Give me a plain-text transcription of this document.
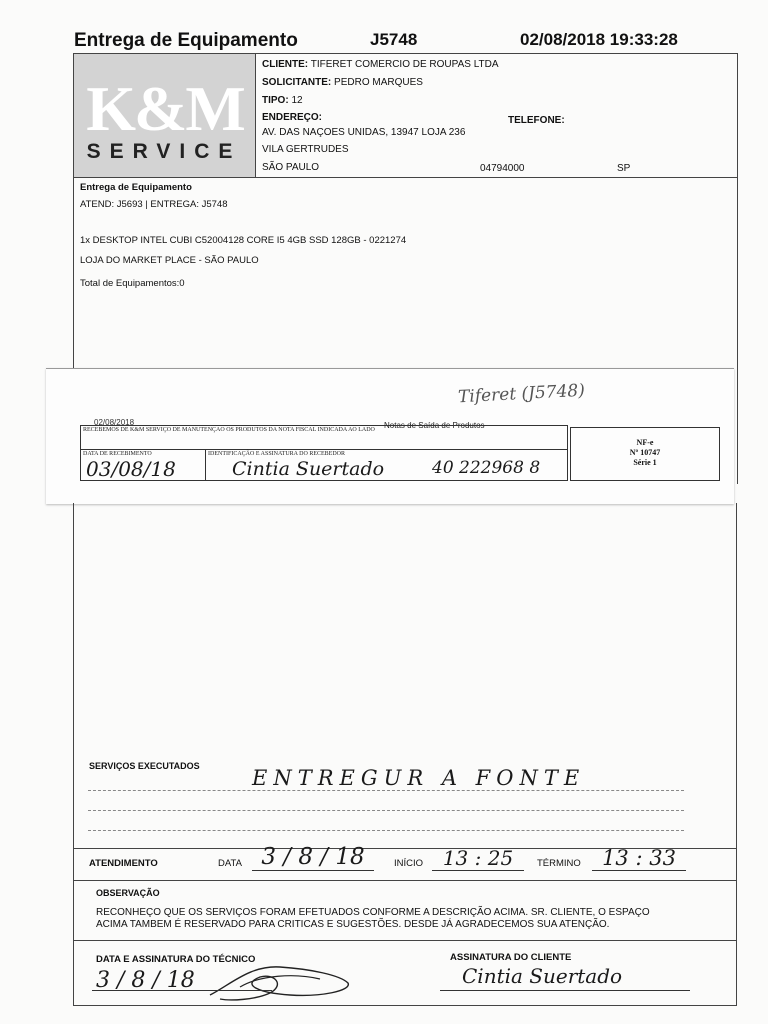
Entrega de Equipamento	J5748	02/08/2018 19:33:28
K&M
SERVICE
CLIENTE: TIFERET COMERCIO DE ROUPAS LTDA
SOLICITANTE: PEDRO MARQUES
TIPO: 12
ENDEREÇO:	TELEFONE:
AV. DAS NAÇOES UNIDAS, 13947 LOJA 236
VILA GERTRUDES
SÃO PAULO	04794000	SP
Entrega de Equipamento
ATEND: J5693 | ENTREGA: J5748
1x DESKTOP INTEL CUBI C52004128 CORE I5 4GB SSD 128GB - 0221274
LOJA DO MARKET PLACE - SÃO PAULO
Total de Equipamentos:0
Tiferet (J5748)
02/08/2018	Notas de Saída de Produtos
RECEBEMOS DE K&M SERVIÇO DE MANUTENÇÃO OS PRODUTOS DA NOTA FISCAL INDICADA AO LADO
DATA DE RECEBIMENTO	IDENTIFICAÇÃO E ASSINATURA DO RECEBEDOR
03/08/18	Cintia Suertado	40 222968 8
NF-e
Nº 10747
Série 1
SERVIÇOS EXECUTADOS ENTREGUR A FONTE
ATENDIMENTO	DATA 3 / 8 / 18	INÍCIO 13 : 25	TÉRMINO	13 : 33
OBSERVAÇÃO
RECONHEÇO QUE OS SERVIÇOS FORAM EFETUADOS CONFORME A DESCRIÇÃO ACIMA. SR. CLIENTE, O ESPAÇO
ACIMA TAMBEM É RESERVADO PARA CRITICAS E SUGESTÕES. DESDE JÁ AGRADECEMOS SUA ATENÇÃO.
DATA E ASSINATURA DO TÉCNICO
3 / 8 / 18
ASSINATURA DO CLIENTE
Cintia Suertado
